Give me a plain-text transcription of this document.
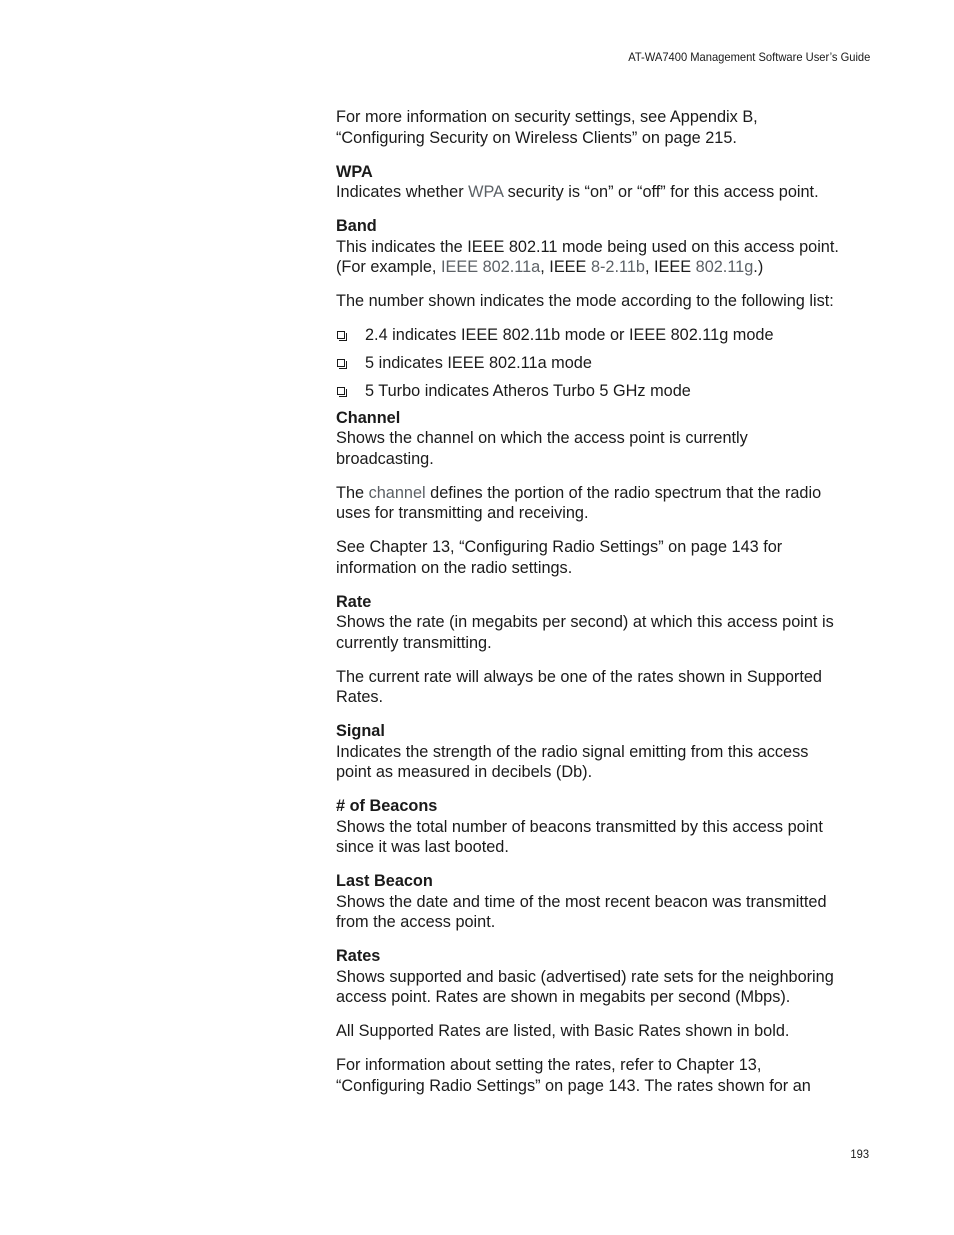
AT-WA7400 Management Software User’s Guide

For more information on security settings, see Appendix B,
“Configuring Security on Wireless Clients” on page 215.

WPA

Indicates whether WPA security is “on” or “off” for this access point.

Band

This indicates the IEEE 802.11 mode being used on this access point.
(For example, IEEE 802.11a, IEEE 8-2.11b, IEEE 802.11g.)

The number shown indicates the mode according to the following list:

2.4 indicates IEEE 802.11b mode or IEEE 802.11g mode
5 indicates IEEE 802.11a mode
5 Turbo indicates Atheros Turbo 5 GHz mode

Channel

Shows the channel on which the access point is currently
broadcasting.

The channel defines the portion of the radio spectrum that the radio
uses for transmitting and receiving.

See Chapter 13, “Configuring Radio Settings” on page 143 for
information on the radio settings.

Rate

Shows the rate (in megabits per second) at which this access point is
currently transmitting.

The current rate will always be one of the rates shown in Supported
Rates.

Signal

Indicates the strength of the radio signal emitting from this access
point as measured in decibels (Db).

# of Beacons

Shows the total number of beacons transmitted by this access point
since it was last booted.

Last Beacon

Shows the date and time of the most recent beacon was transmitted
from the access point.

Rates

Shows supported and basic (advertised) rate sets for the neighboring
access point. Rates are shown in megabits per second (Mbps).

All Supported Rates are listed, with Basic Rates shown in bold.

For information about setting the rates, refer to Chapter 13,
“Configuring Radio Settings” on page 143. The rates shown for an

193
